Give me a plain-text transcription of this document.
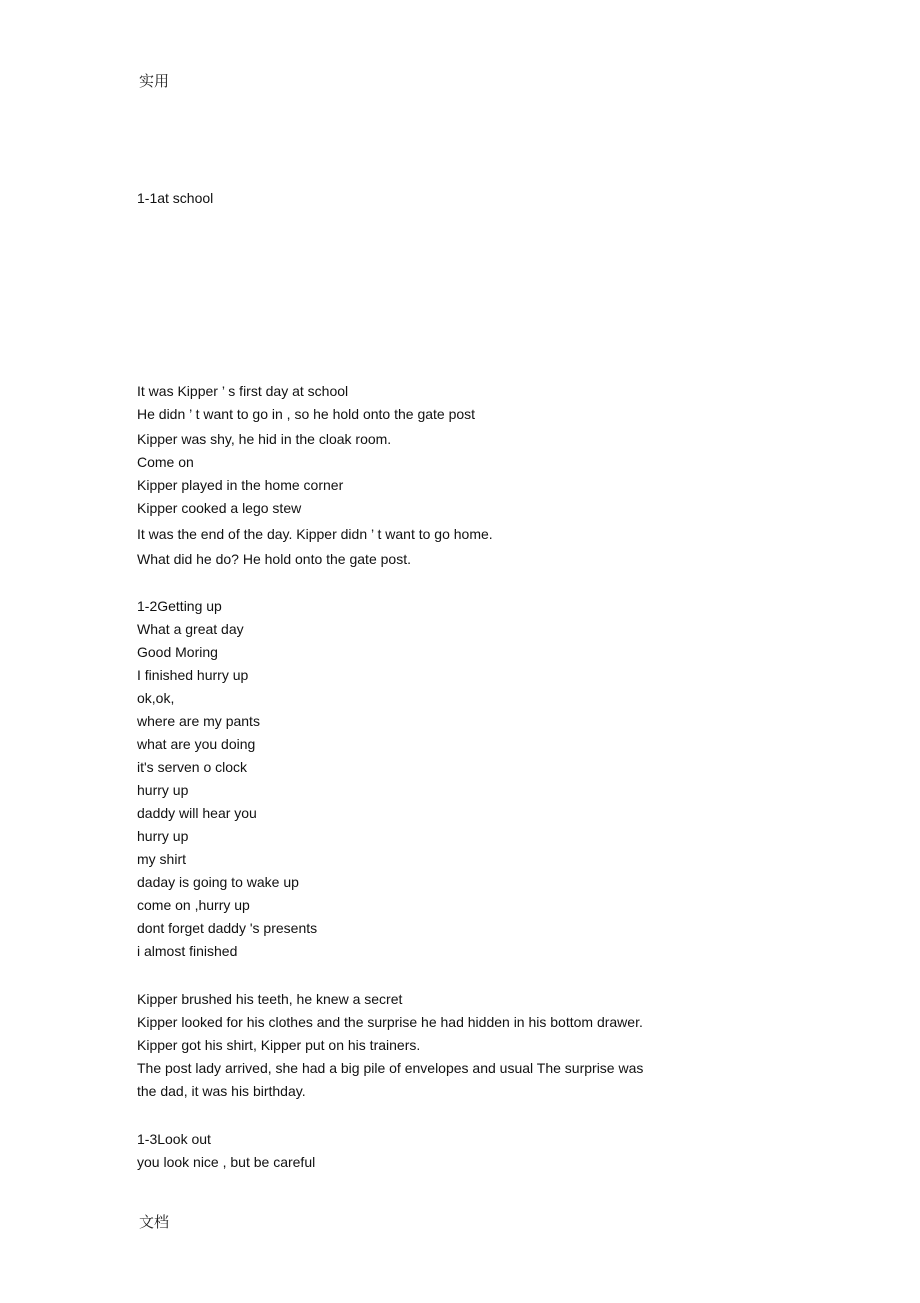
实用
1-1at school
It was Kipper ’ s first day at school
He didn ’ t want to go in , so he hold onto the gate post
Kipper was shy, he hid in the cloak room.
Come on
Kipper played in the home corner
Kipper cooked a lego stew
It was the end of the day. Kipper didn ’ t want to go home.
What did he do? He hold onto the gate post.
1-2Getting up
What a great day
Good Moring
I finished hurry up
ok,ok,
where are my pants
what are you doing
it's serven o clock
hurry up
daddy will hear you
hurry up
my shirt
daday is going to wake up
come on ,hurry up
dont forget daddy 's presents
i almost finished
Kipper brushed his teeth, he knew a secret
Kipper looked for his clothes and the surprise he had hidden in his bottom drawer.
Kipper got his shirt, Kipper put on his trainers.
The post lady arrived, she had a big pile of envelopes and usual The surprise was
the dad, it was his birthday.
1-3Look out
you look nice , but be careful
文档
